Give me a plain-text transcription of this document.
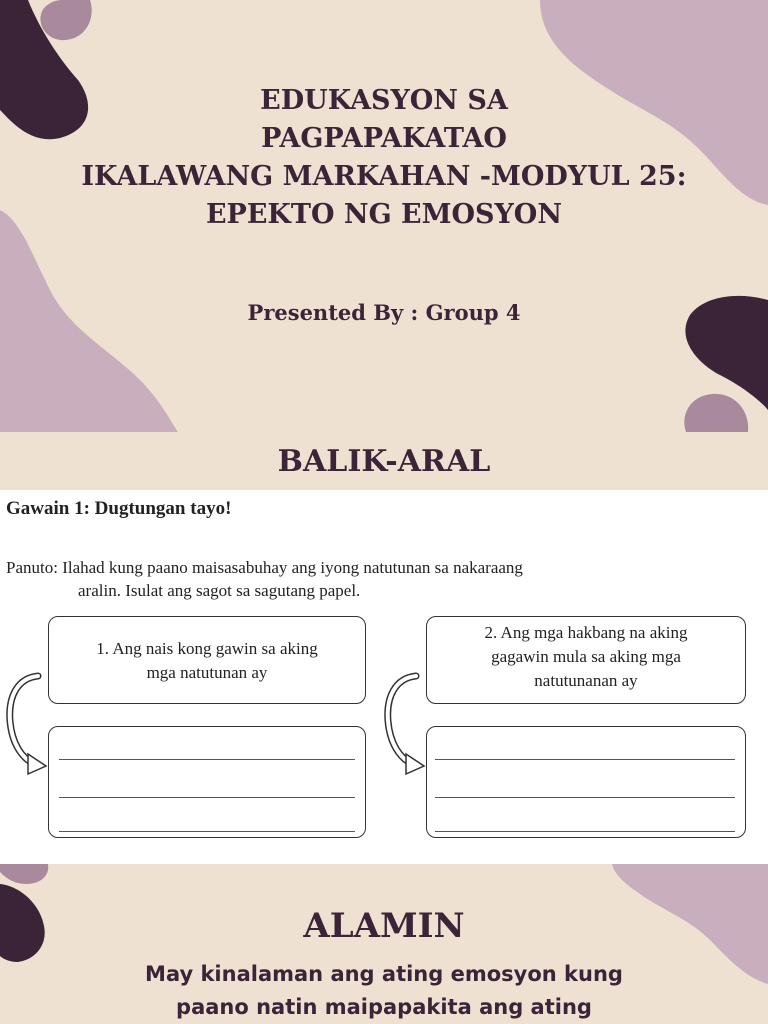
EDUKASYON SA
PAGPAPAKATAO
IKALAWANG MARKAHAN -MODYUL 25:
EPEKTO NG EMOSYON
Presented By : Group 4
BALIK-ARAL
Gawain 1: Dugtungan tayo!
Panuto: Ilahad kung paano maisasabuhay ang iyong natutunan sa nakaraang
aralin. Isulat ang sagot sa sagutang papel.
1. Ang nais kong gawin sa aking
mga natutunan ay
2. Ang mga hakbang na aking
gagawin mula sa aking mga
natutunanan ay
ALAMIN
May kinalaman ang ating emosyon kung
paano natin maipapakita ang ating
